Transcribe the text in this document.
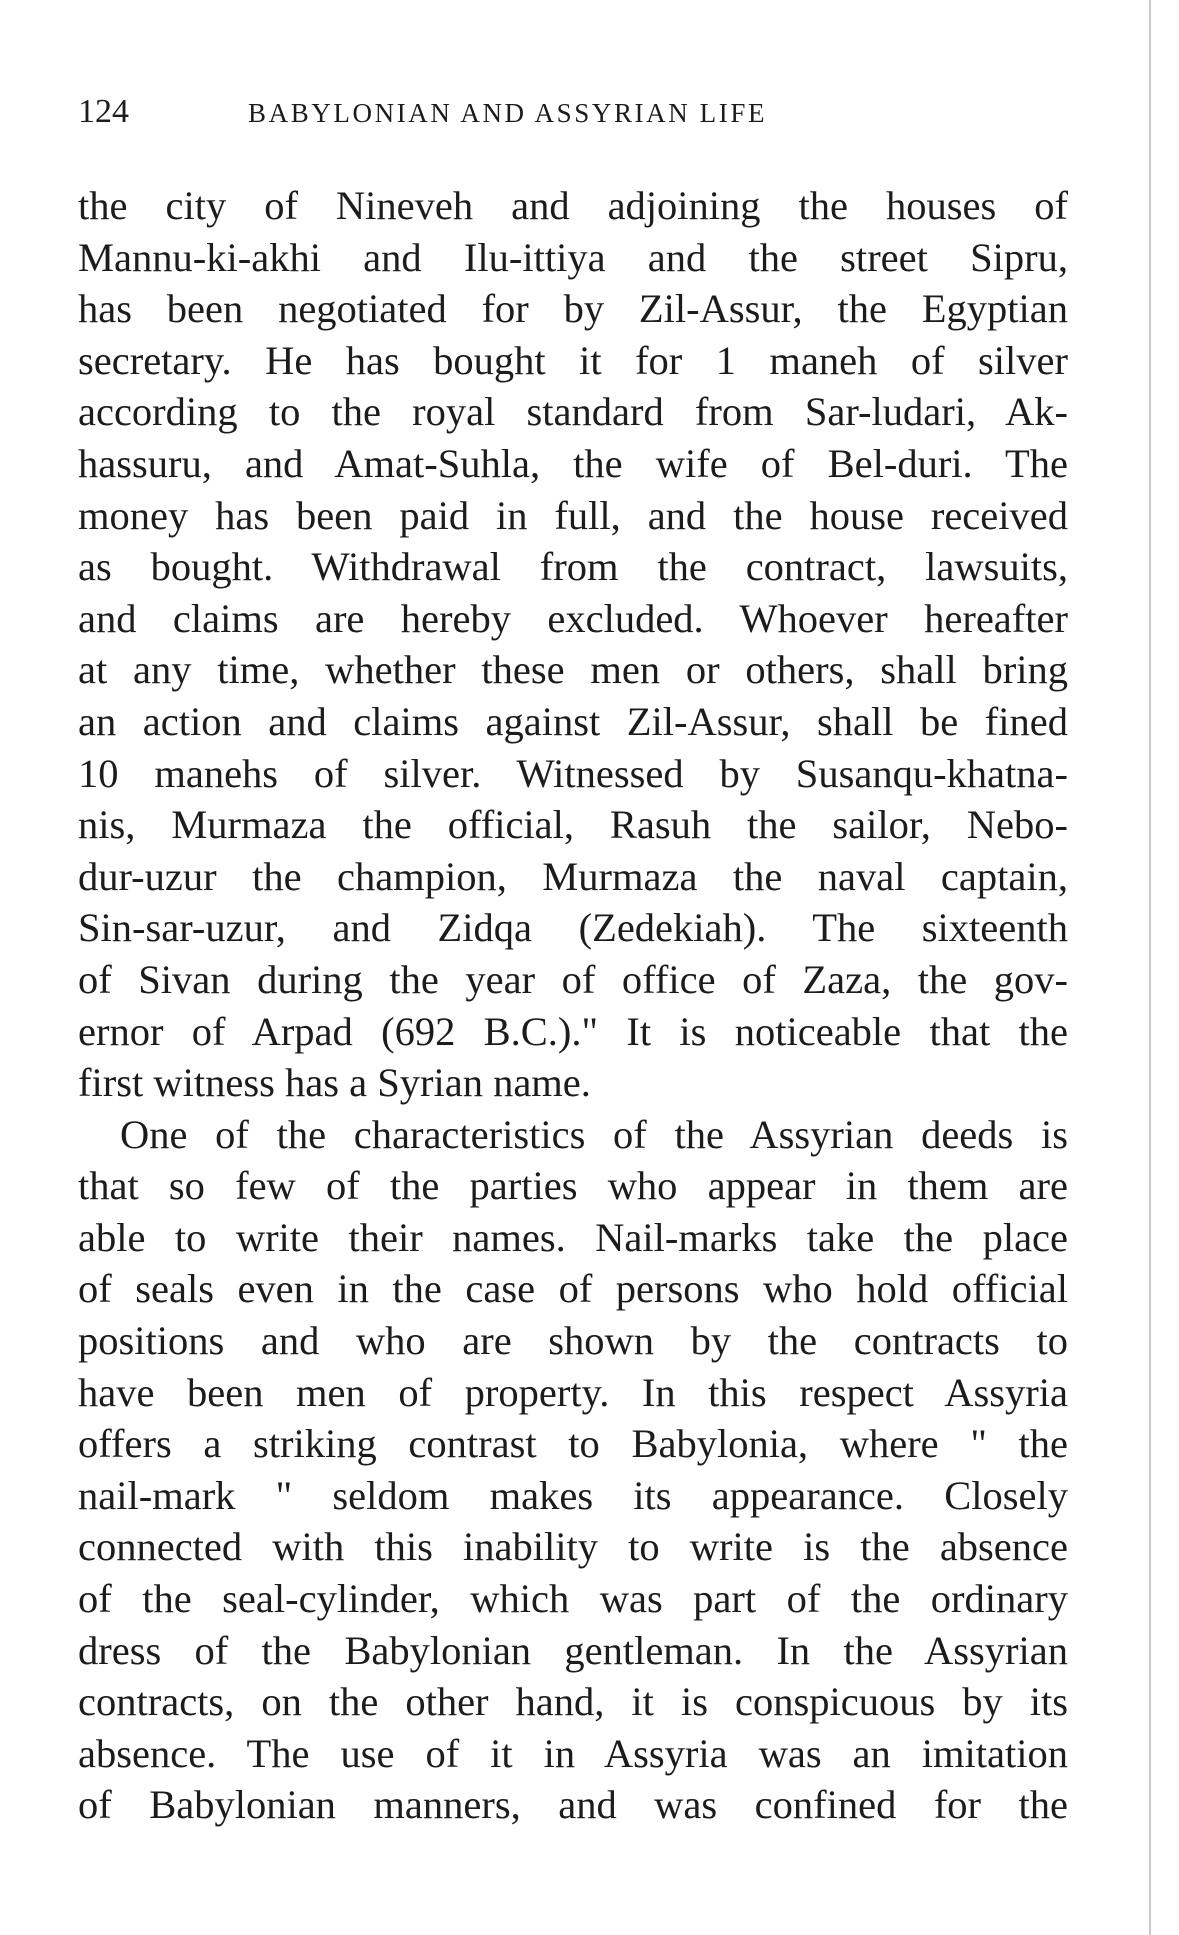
124	BABYLONIAN AND ASSYRIAN LIFE
the city of Nineveh and adjoining the houses of
Mannu-ki-akhi and Ilu-ittiya and the street Sipru,
has been negotiated for by Zil-Assur, the Egyptian
secretary. He has bought it for 1 maneh of silver
according to the royal standard from Sar-ludari, Ak-
hassuru, and Amat-Suhla, the wife of Bel-duri. The
money has been paid in full, and the house received
as bought. Withdrawal from the contract, lawsuits,
and claims are hereby excluded. Whoever hereafter
at any time, whether these men or others, shall bring
an action and claims against Zil-Assur, shall be fined
10 manehs of silver. Witnessed by Susanqu-khatna-
nis, Murmaza the official, Rasuh the sailor, Nebo-
dur-uzur the champion, Murmaza the naval captain,
Sin-sar-uzur, and Zidqa (Zedekiah). The sixteenth
of Sivan during the year of office of Zaza, the gov-
ernor of Arpad (692 B.C.)." It is noticeable that the
first witness has a Syrian name.
One of the characteristics of the Assyrian deeds is
that so few of the parties who appear in them are
able to write their names. Nail-marks take the place
of seals even in the case of persons who hold official
positions and who are shown by the contracts to
have been men of property. In this respect Assyria
offers a striking contrast to Babylonia, where " the
nail-mark " seldom makes its appearance. Closely
connected with this inability to write is the absence
of the seal-cylinder, which was part of the ordinary
dress of the Babylonian gentleman. In the Assyrian
contracts, on the other hand, it is conspicuous by its
absence. The use of it in Assyria was an imitation
of Babylonian manners, and was confined for the
